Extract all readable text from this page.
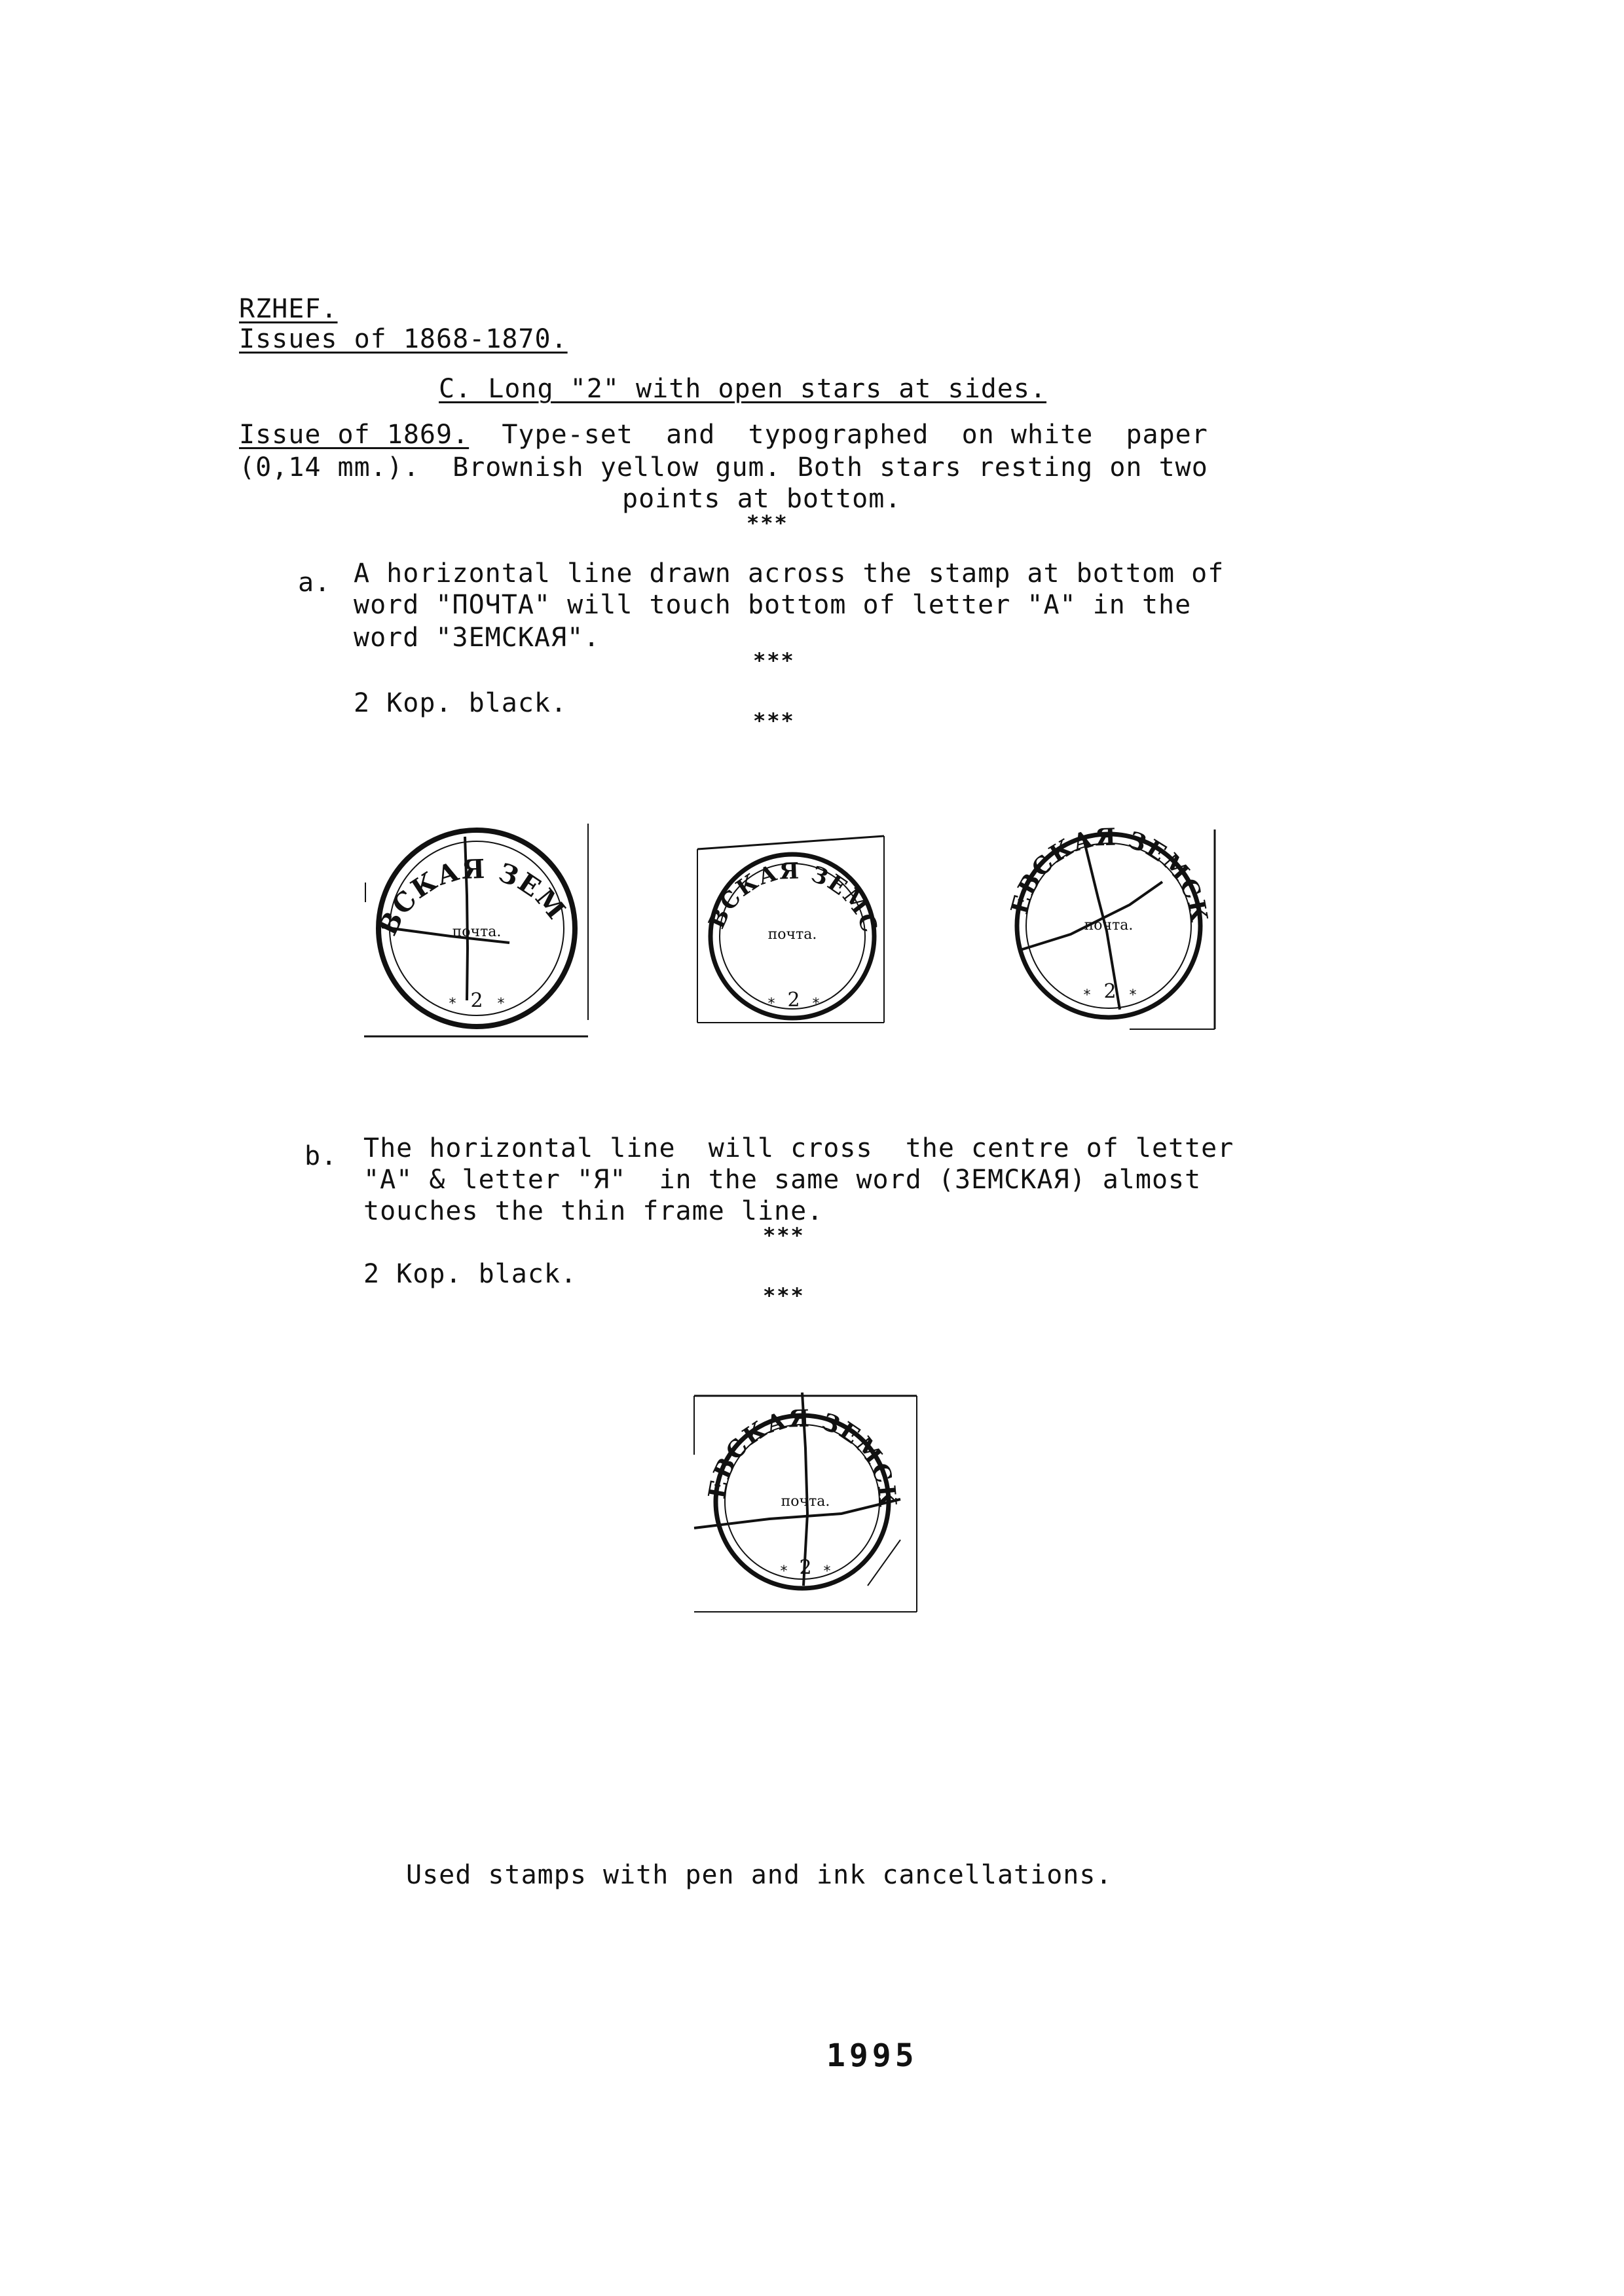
RZHEF.
Issues of 1868-1870.
C. Long "2" with open stars at sides.
Issue of 1869.  Type-set  and  typographed  on white  paper
(0,14 mm.).  Brownish yellow gum. Both stars resting on two
points at bottom.
***
a. A horizontal line drawn across the stamp at bottom of
word "ПОЧТА" will touch bottom of letter "A" in the
word "ЗЕМСКАЯ".
***
2 Kop. black.
***
РЖЕВСКАЯ ЗЕМСКАЯ
почта.
2
*	*
РЖЕВСКАЯ ЗЕМСКАЯ
почта.
2
*	*
РЖЕВСКАЯ ЗЕМСКАЯ
почта.
2
*	*
b. The horizontal line  will cross  the centre of letter
"A" & letter "Я"  in the same word (ЗЕМСКАЯ) almost
touches the thin frame line.
***
2 Kop. black.
***
РЖЕВСКАЯ ЗЕМСКАЯ
почта.
2
*	*
Used stamps with pen and ink cancellations.
1995
